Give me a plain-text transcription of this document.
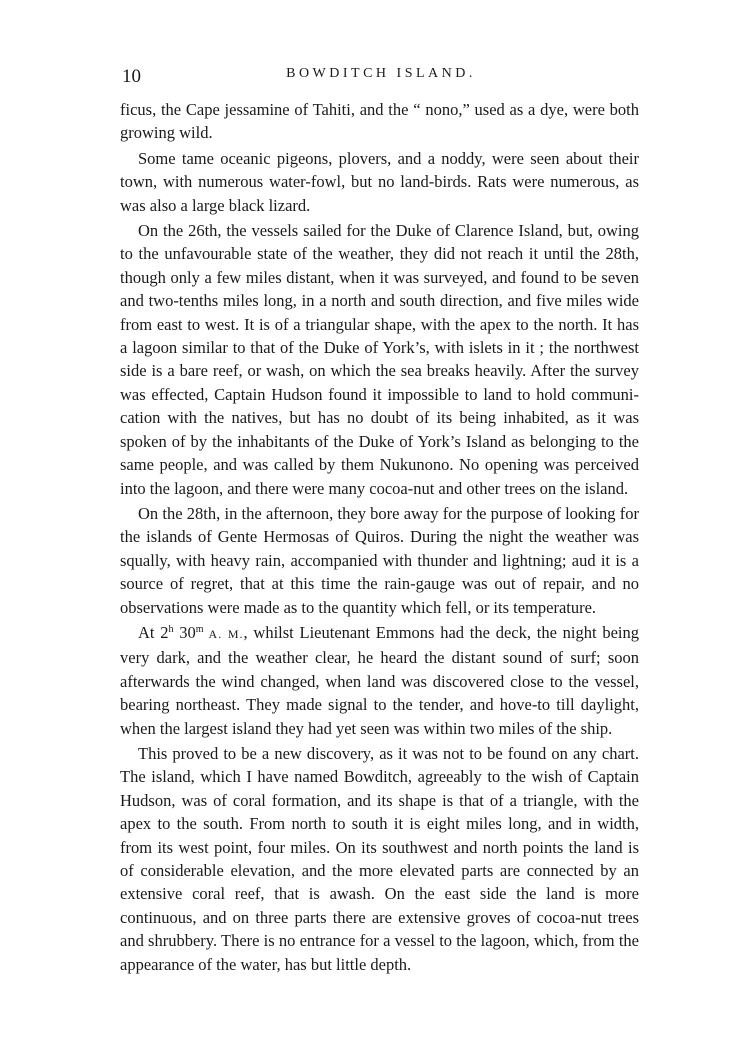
10	BOWDITCH ISLAND.

ficus, the Cape jessamine of Tahiti, and the “ nono,” used as a dye, were both growing wild.

Some tame oceanic pigeons, plovers, and a noddy, were seen about their town, with numerous water-fowl, but no land-birds. Rats were numerous, as was also a large black lizard.

On the 26th, the vessels sailed for the Duke of Clarence Island, but, owing to the unfavourable state of the weather, they did not reach it until the 28th, though only a few miles distant, when it was surveyed, and found to be seven and two-tenths miles long, in a north and south direction, and five miles wide from east to west. It is of a triangular shape, with the apex to the north. It has a lagoon similar to that of the Duke of York’s, with islets in it ; the northwest side is a bare reef, or wash, on which the sea breaks heavily. After the survey was effected, Captain Hudson found it impossible to land to hold communication with the natives, but has no doubt of its being inhabited, as it was spoken of by the inhabitants of the Duke of York’s Island as belonging to the same people, and was called by them Nukunono. No opening was perceived into the lagoon, and there were many cocoa-nut and other trees on the island.

On the 28th, in the afternoon, they bore away for the purpose of looking for the islands of Gente Hermosas of Quiros. During the night the weather was squally, with heavy rain, accompanied with thunder and lightning; aud it is a source of regret, that at this time the rain-gauge was out of repair, and no observations were made as to the quantity which fell, or its temperature.

At 2$^h$ 30$^m$ A. M., whilst Lieutenant Emmons had the deck, the night being very dark, and the weather clear, he heard the distant sound of surf; soon afterwards the wind changed, when land was discovered close to the vessel, bearing northeast. They made signal to the tender, and hove-to till daylight, when the largest island they had yet seen was within two miles of the ship.

This proved to be a new discovery, as it was not to be found on any chart. The island, which I have named Bowditch, agreeably to the wish of Captain Hudson, was of coral formation, and its shape is that of a triangle, with the apex to the south. From north to south it is eight miles long, and in width, from its west point, four miles. On its southwest and north points the land is of considerable elevation, and the more elevated parts are connected by an extensive coral reef, that is awash. On the east side the land is more continuous, and on three parts there are extensive groves of cocoa-nut trees and shrubbery. There is no entrance for a vessel to the lagoon, which, from the appearance of the water, has but little depth.
